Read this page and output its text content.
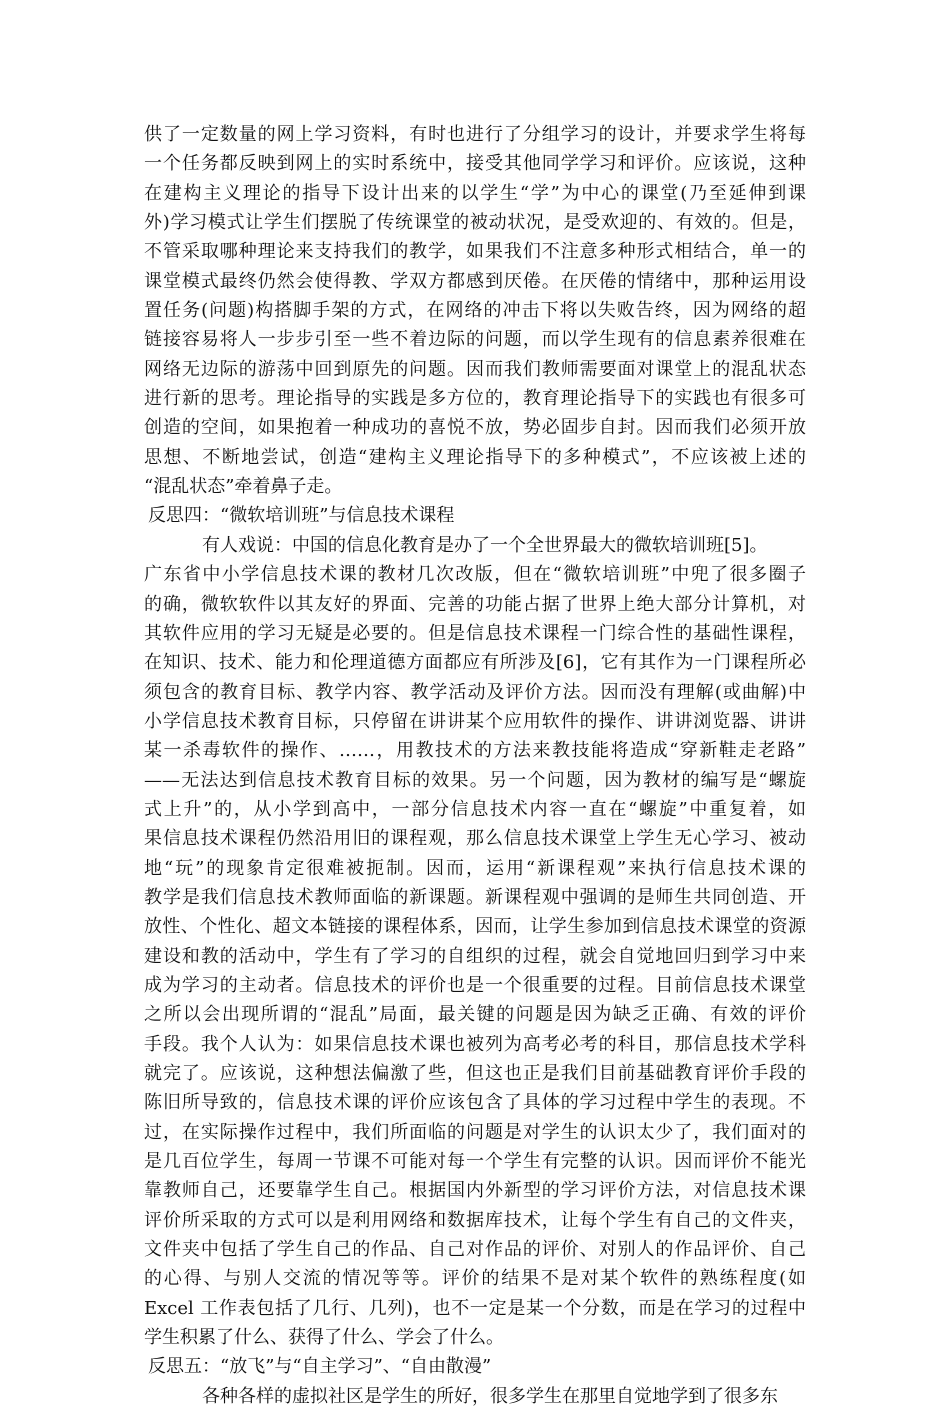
供了一定数量的网上学习资料，有时也进行了分组学习的设计，并要求学生将每
一个任务都反映到网上的实时系统中，接受其他同学学习和评价。应该说，这种
在建构主义理论的指导下设计出来的以学生“学”为中心的课堂(乃至延伸到课
外)学习模式让学生们摆脱了传统课堂的被动状况，是受欢迎的、有效的。但是，
不管采取哪种理论来支持我们的教学，如果我们不注意多种形式相结合，单一的
课堂模式最终仍然会使得教、学双方都感到厌倦。在厌倦的情绪中，那种运用设
置任务(问题)构搭脚手架的方式，在网络的冲击下将以失败告终，因为网络的超
链接容易将人一步步引至一些不着边际的问题，而以学生现有的信息素养很难在
网络无边际的游荡中回到原先的问题。因而我们教师需要面对课堂上的混乱状态
进行新的思考。理论指导的实践是多方位的，教育理论指导下的实践也有很多可
创造的空间，如果抱着一种成功的喜悦不放，势必固步自封。因而我们必须开放
思想、不断地尝试，创造“建构主义理论指导下的多种模式”，不应该被上述的
“混乱状态”牵着鼻子走。
反思四：“微软培训班”与信息技术课程
有人戏说：中国的信息化教育是办了一个全世界最大的微软培训班[5]。
广东省中小学信息技术课的教材几次改版，但在“微软培训班”中兜了很多圈子
的确，微软软件以其友好的界面、完善的功能占据了世界上绝大部分计算机，对
其软件应用的学习无疑是必要的。但是信息技术课程一门综合性的基础性课程，
在知识、技术、能力和伦理道德方面都应有所涉及[6]，它有其作为一门课程所必
须包含的教育目标、教学内容、教学活动及评价方法。因而没有理解(或曲解)中
小学信息技术教育目标，只停留在讲讲某个应用软件的操作、讲讲浏览器、讲讲
某一杀毒软件的操作、……，用教技术的方法来教技能将造成“穿新鞋走老路”
——无法达到信息技术教育目标的效果。另一个问题，因为教材的编写是“螺旋
式上升”的，从小学到高中，一部分信息技术内容一直在“螺旋”中重复着，如
果信息技术课程仍然沿用旧的课程观，那么信息技术课堂上学生无心学习、被动
地“玩”的现象肯定很难被扼制。因而，运用“新课程观”来执行信息技术课的
教学是我们信息技术教师面临的新课题。新课程观中强调的是师生共同创造、开
放性、个性化、超文本链接的课程体系，因而，让学生参加到信息技术课堂的资源
建设和教的活动中，学生有了学习的自组织的过程，就会自觉地回归到学习中来
成为学习的主动者。信息技术的评价也是一个很重要的过程。目前信息技术课堂
之所以会出现所谓的“混乱”局面，最关键的问题是因为缺乏正确、有效的评价
手段。我个人认为：如果信息技术课也被列为高考必考的科目，那信息技术学科
就完了。应该说，这种想法偏激了些，但这也正是我们目前基础教育评价手段的
陈旧所导致的，信息技术课的评价应该包含了具体的学习过程中学生的表现。不
过，在实际操作过程中，我们所面临的问题是对学生的认识太少了，我们面对的
是几百位学生，每周一节课不可能对每一个学生有完整的认识。因而评价不能光
靠教师自己，还要靠学生自己。根据国内外新型的学习评价方法，对信息技术课
评价所采取的方式可以是利用网络和数据库技术，让每个学生有自己的文件夹，
文件夹中包括了学生自己的作品、自己对作品的评价、对别人的作品评价、自己
的心得、与别人交流的情况等等。评价的结果不是对某个软件的熟练程度(如
Excel 工作表包括了几行、几列)，也不一定是某一个分数，而是在学习的过程中
学生积累了什么、获得了什么、学会了什么。
反思五：“放飞”与“自主学习”、“自由散漫”
各种各样的虚拟社区是学生的所好，很多学生在那里自觉地学到了很多东
